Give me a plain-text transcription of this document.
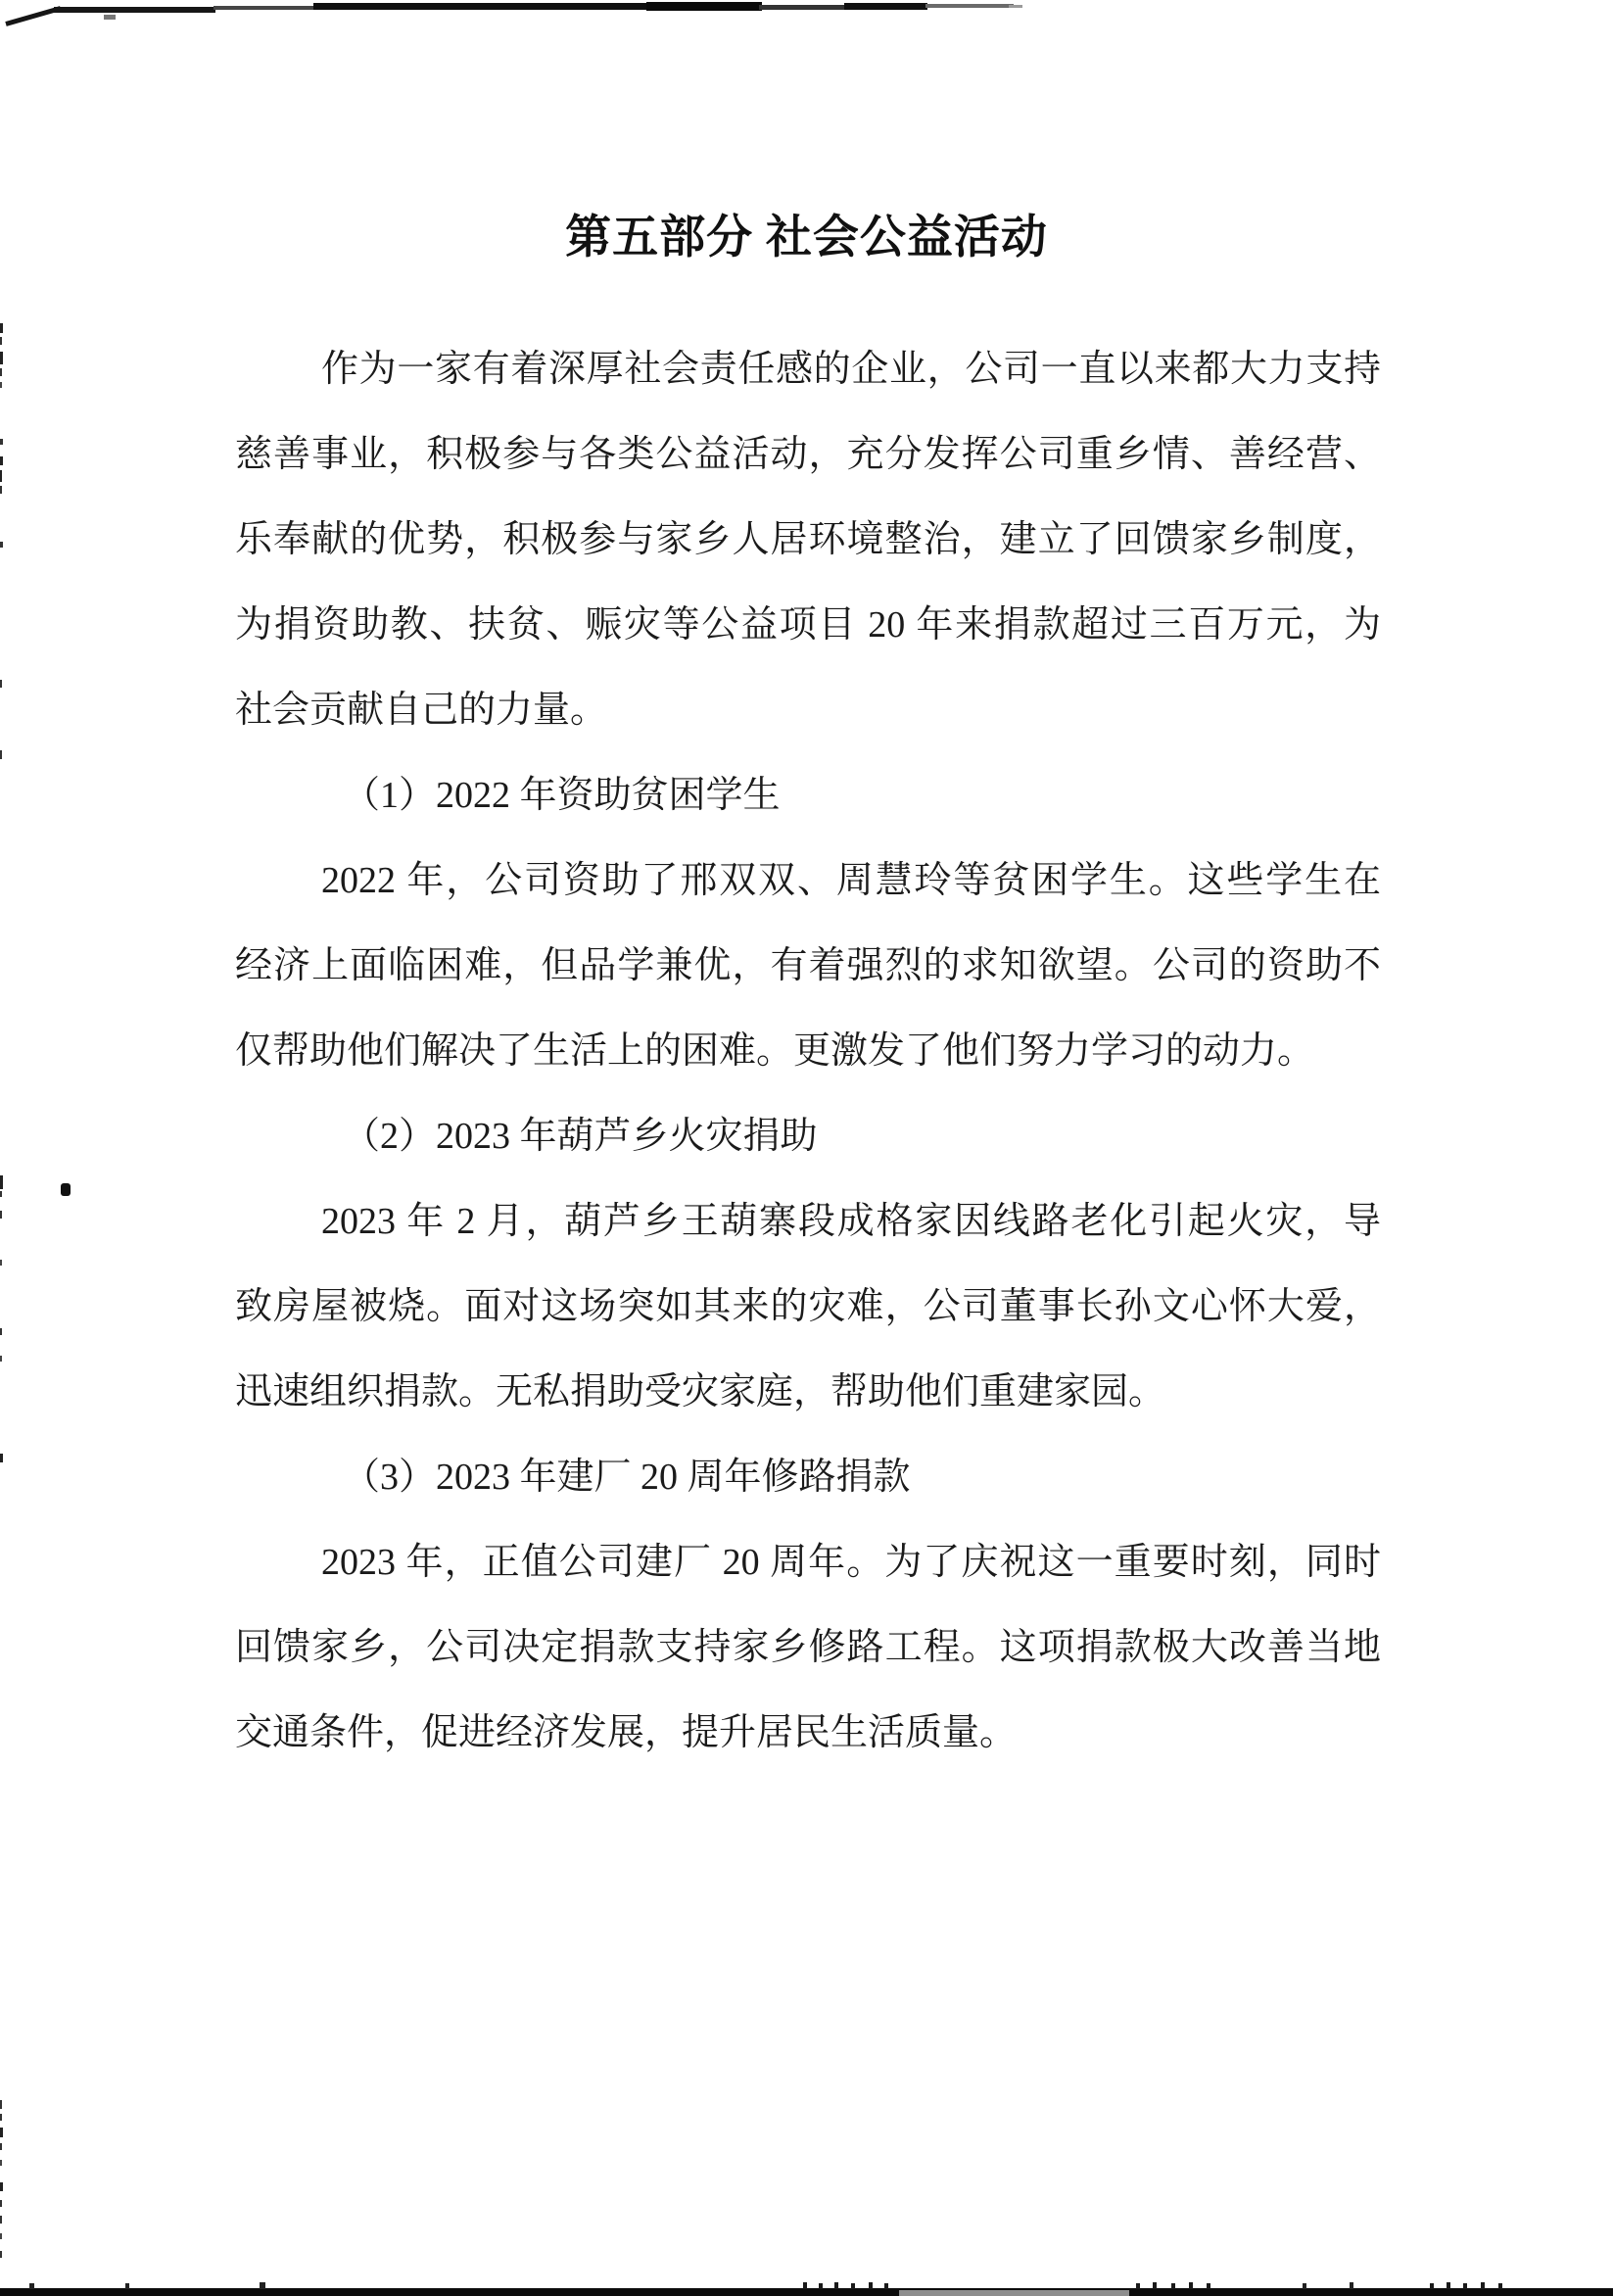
第五部分 社会公益活动
作为一家有着深厚社会责任感的企业，公司一直以来都大力支持
慈善事业，积极参与各类公益活动，充分发挥公司重乡情、善经营、
乐奉献的优势，积极参与家乡人居环境整治，建立了回馈家乡制度，
为捐资助教、扶贫、赈灾等公益项目 20 年来捐款超过三百万元，为
社会贡献自己的力量。
（1）2022 年资助贫困学生
2022 年，公司资助了邢双双、周慧玲等贫困学生。这些学生在
经济上面临困难，但品学兼优，有着强烈的求知欲望。公司的资助不
仅帮助他们解决了生活上的困难。更激发了他们努力学习的动力。
（2）2023 年葫芦乡火灾捐助
2023 年 2 月，葫芦乡王葫寨段成格家因线路老化引起火灾，导
致房屋被烧。面对这场突如其来的灾难，公司董事长孙文心怀大爱，
迅速组织捐款。无私捐助受灾家庭，帮助他们重建家园。
（3）2023 年建厂 20 周年修路捐款
2023 年，正值公司建厂 20 周年。为了庆祝这一重要时刻，同时
回馈家乡，公司决定捐款支持家乡修路工程。这项捐款极大改善当地
交通条件，促进经济发展，提升居民生活质量。
